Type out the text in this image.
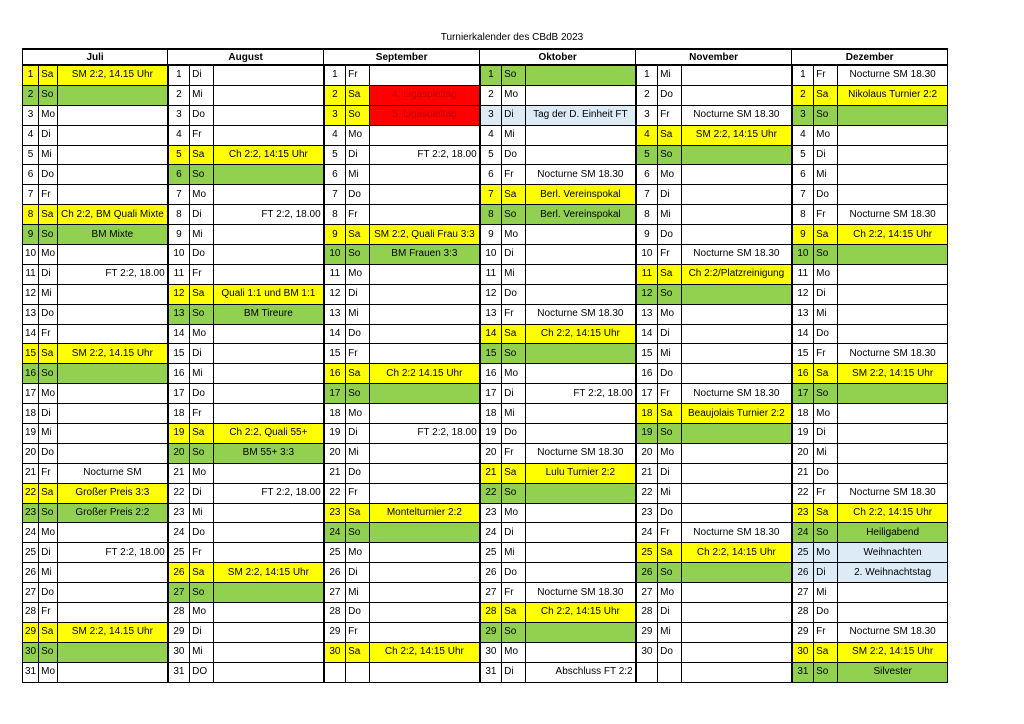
Turnierkalender des CBdB 2023
Juli			August			September			Oktober			November			Dezember		
1	Sa	SM 2:2, 14.15 Uhr	1	Di		1	Fr		1	So		1	Mi		1	Fr	Nocturne SM 18.30
2	So		2	Mi		2	Sa	4. Ligaspieltag	2	Mo		2	Do		2	Sa	Nikolaus Turnier 2:2
3	Mo		3	Do		3	So	5. Ligaspieltag	3	Di	Tag der D. Einheit FT	3	Fr	Nocturne SM 18.30	3	So	
4	Di		4	Fr		4	Mo		4	Mi		4	Sa	SM 2:2, 14:15 Uhr	4	Mo	
5	Mi		5	Sa	Ch 2:2, 14:15 Uhr	5	Di	FT 2:2, 18.00	5	Do		5	So		5	Di	
6	Do		6	So		6	Mi		6	Fr	Nocturne SM 18.30	6	Mo		6	Mi	
7	Fr		7	Mo		7	Do		7	Sa	Berl. Vereinspokal	7	Di		7	Do	
8	Sa	Ch 2:2, BM Quali Mixte	8	Di	FT 2:2, 18.00	8	Fr		8	So	Berl. Vereinspokal	8	Mi		8	Fr	Nocturne SM 18.30
9	So	BM Mixte	9	Mi		9	Sa	SM 2:2, Quali Frau 3:3	9	Mo		9	Do		9	Sa	Ch 2:2, 14:15 Uhr
10	Mo		10	Do		10	So	BM Frauen 3:3	10	Di		10	Fr	Nocturne SM 18.30	10	So	
11	Di	FT 2:2, 18.00	11	Fr		11	Mo		11	Mi		11	Sa	Ch 2:2/Platzreinigung	11	Mo	
12	Mi		12	Sa	Quali 1:1 und BM 1:1	12	Di		12	Do		12	So		12	Di	
13	Do		13	So	BM Tireure	13	Mi		13	Fr	Nocturne SM 18.30	13	Mo		13	Mi	
14	Fr		14	Mo		14	Do		14	Sa	Ch 2:2, 14:15 Uhr	14	Di		14	Do	
15	Sa	SM 2:2, 14.15 Uhr	15	Di		15	Fr		15	So		15	Mi		15	Fr	Nocturne SM 18.30
16	So		16	Mi		16	Sa	Ch 2:2 14.15 Uhr	16	Mo		16	Do		16	Sa	SM 2:2, 14:15 Uhr
17	Mo		17	Do		17	So		17	Di	FT 2:2, 18.00	17	Fr	Nocturne SM 18.30	17	So	
18	Di		18	Fr		18	Mo		18	Mi		18	Sa	Beaujolais Turnier 2:2	18	Mo	
19	Mi		19	Sa	Ch 2:2, Quali 55+	19	Di	FT 2:2, 18.00	19	Do		19	So		19	Di	
20	Do		20	So	BM 55+ 3:3	20	Mi		20	Fr	Nocturne SM 18.30	20	Mo		20	Mi	
21	Fr	Nocturne SM	21	Mo		21	Do		21	Sa	Lulu Turnier 2:2	21	Di		21	Do	
22	Sa	Großer Preis 3:3	22	Di	FT 2:2, 18.00	22	Fr		22	So		22	Mi		22	Fr	Nocturne SM 18.30
23	So	Großer Preis 2:2	23	Mi		23	Sa	Montelturnier 2:2	23	Mo		23	Do		23	Sa	Ch 2:2, 14:15 Uhr
24	Mo		24	Do		24	So		24	Di		24	Fr	Nocturne SM 18.30	24	So	Heiligabend
25	Di	FT 2:2, 18.00	25	Fr		25	Mo		25	Mi		25	Sa	Ch 2:2, 14:15 Uhr	25	Mo	Weihnachten
26	Mi		26	Sa	SM 2:2, 14:15 Uhr	26	Di		26	Do		26	So		26	Di	2. Weihnachtstag
27	Do		27	So		27	Mi		27	Fr	Nocturne SM 18.30	27	Mo		27	Mi	
28	Fr		28	Mo		28	Do		28	Sa	Ch 2:2, 14:15 Uhr	28	Di		28	Do	
29	Sa	SM 2:2, 14.15 Uhr	29	Di		29	Fr		29	So		29	Mi		29	Fr	Nocturne SM 18.30
30	So		30	Mi		30	Sa	Ch 2:2, 14:15 Uhr	30	Mo		30	Do		30	Sa	SM 2:2, 14:15 Uhr
31	Mo		31	DO					31	Di	Abschluss FT 2:2				31	So	Silvester
